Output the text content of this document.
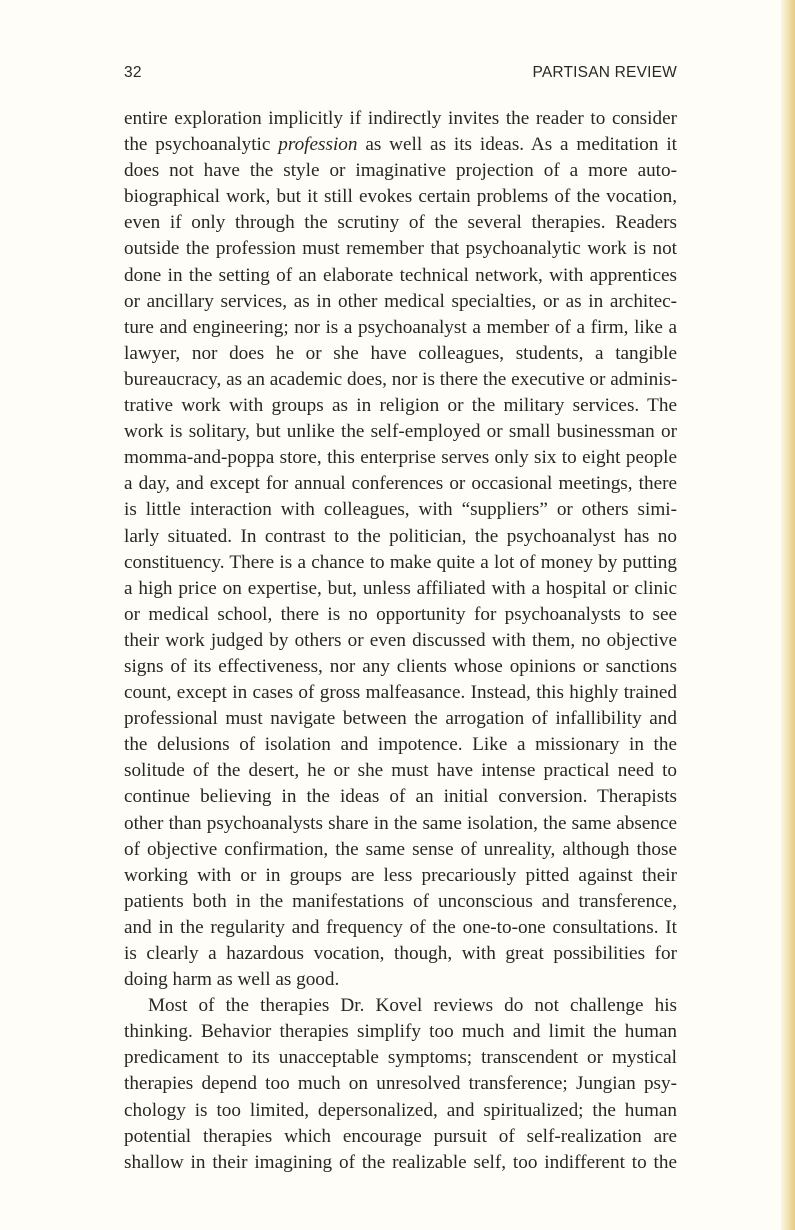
32	PARTISAN REVIEW
entire exploration implicitly if indirectly invites the reader to consider
the psychoanalytic profession as well as its ideas. As a meditation it
does not have the style or imaginative projection of a more auto-
biographical work, but it still evokes certain problems of the vocation,
even if only through the scrutiny of the several therapies. Readers
outside the profession must remember that psychoanalytic work is not
done in the setting of an elaborate technical network, with apprentices
or ancillary services, as in other medical specialties, or as in architec-
ture and engineering; nor is a psychoanalyst a member of a firm, like a
lawyer, nor does he or she have colleagues, students, a tangible
bureaucracy, as an academic does, nor is there the executive or adminis-
trative work with groups as in religion or the military services. The
work is solitary, but unlike the self-employed or small businessman or
momma-and-poppa store, this enterprise serves only six to eight people
a day, and except for annual conferences or occasional meetings, there
is little interaction with colleagues, with “suppliers” or others simi-
larly situated. In contrast to the politician, the psychoanalyst has no
constituency. There is a chance to make quite a lot of money by putting
a high price on expertise, but, unless affiliated with a hospital or clinic
or medical school, there is no opportunity for psychoanalysts to see
their work judged by others or even discussed with them, no objective
signs of its effectiveness, nor any clients whose opinions or sanctions
count, except in cases of gross malfeasance. Instead, this highly trained
professional must navigate between the arrogation of infallibility and
the delusions of isolation and impotence. Like a missionary in the
solitude of the desert, he or she must have intense practical need to
continue believing in the ideas of an initial conversion. Therapists
other than psychoanalysts share in the same isolation, the same absence
of objective confirmation, the same sense of unreality, although those
working with or in groups are less precariously pitted against their
patients both in the manifestations of unconscious and transference,
and in the regularity and frequency of the one-to-one consultations. It
is clearly a hazardous vocation, though, with great possibilities for
doing harm as well as good.
Most of the therapies Dr. Kovel reviews do not challenge his
thinking. Behavior therapies simplify too much and limit the human
predicament to its unacceptable symptoms; transcendent or mystical
therapies depend too much on unresolved transference; Jungian psy-
chology is too limited, depersonalized, and spiritualized; the human
potential therapies which encourage pursuit of self-realization are
shallow in their imagining of the realizable self, too indifferent to the
